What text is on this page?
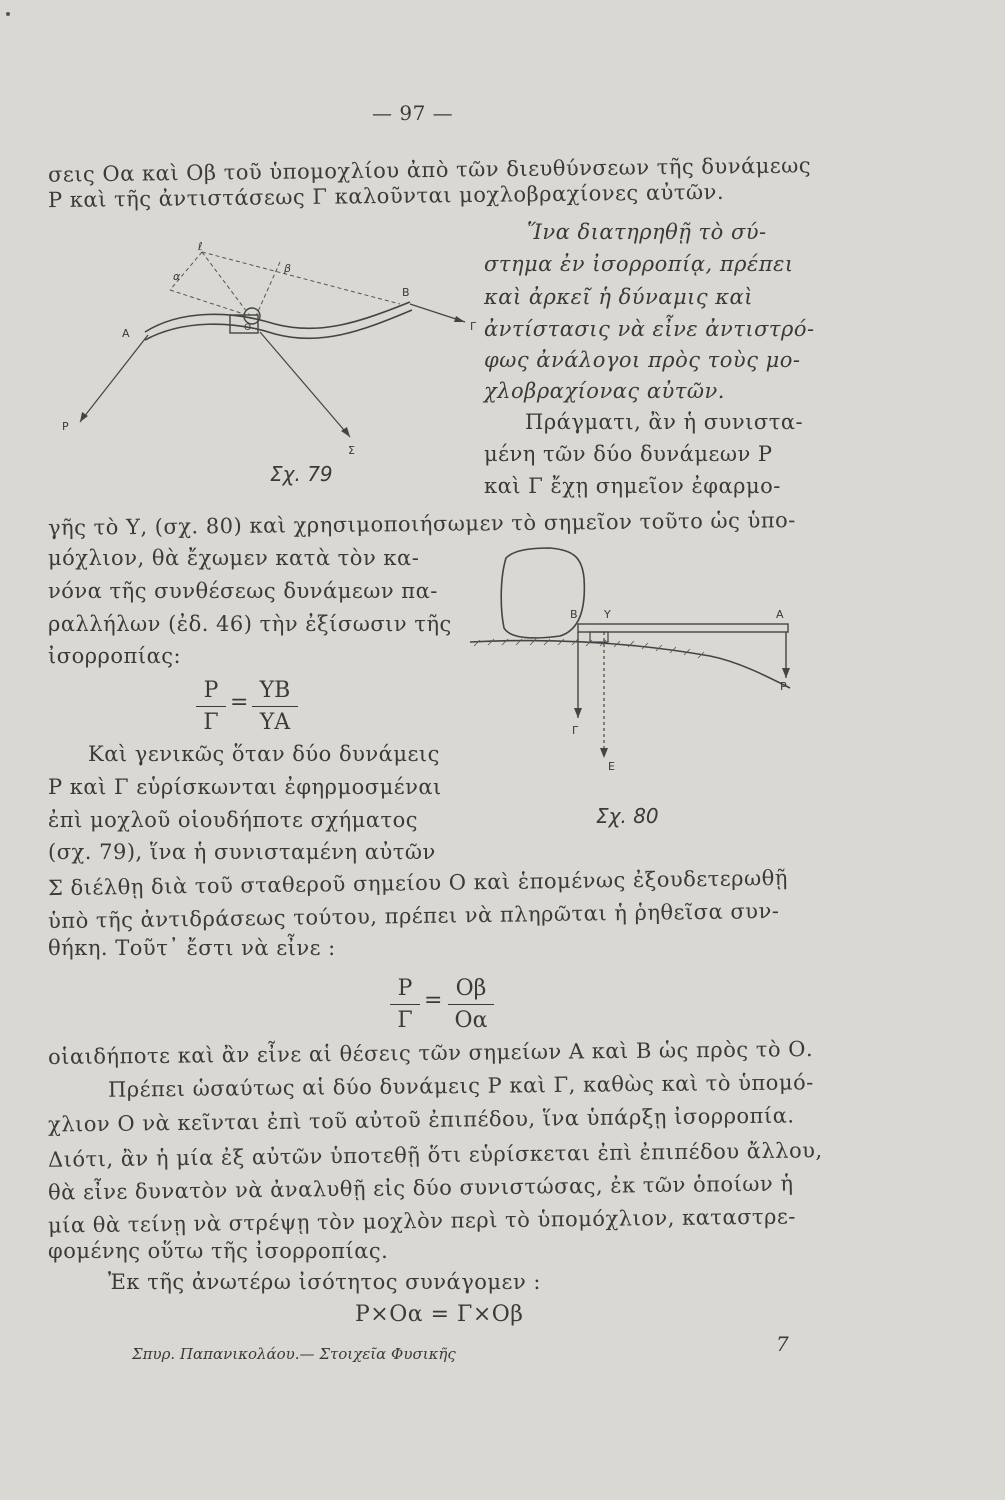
— 97 —
σεις Οα καὶ Οβ τοῦ ὑπομοχλίου ἀπὸ τῶν διευθύνσεων τῆς δυνάμεως
Ρ καὶ τῆς ἀντιστάσεως Γ καλοῦνται μοχλοβραχίονες αὐτῶν.
A
B
P
Γ
Σ
α
β
ℓ
O
Σχ. 79
Ἵνα διατηρηθῇ τὸ σύ-
στημα ἐν ἰσορροπίᾳ, πρέπει
καὶ ἀρκεῖ ἡ δύναμις καὶ
ἀντίστασις νὰ εἶνε ἀντιστρό-
φως ἀνάλογοι πρὸς τοὺς μο-
χλοβραχίονας αὐτῶν.
Πράγματι, ἂν ἡ συνιστα-
μένη τῶν δύο δυνάμεων Ρ
καὶ Γ ἔχῃ σημεῖον ἐφαρμο-
γῆς τὸ Υ, (σχ. 80) καὶ χρησιμοποιήσωμεν τὸ σημεῖον τοῦτο ὡς ὑπο-
μόχλιον, θὰ ἔχωμεν κατὰ τὸν κα-
νόνα τῆς συνθέσεως δυνάμεων πα-
ραλλήλων (ἐδ. 46) τὴν ἐξίσωσιν τῆς
ἰσορροπίας:
Ρ
Γ
= ΥΒ
ΥΑ
Καὶ γενικῶς ὅταν δύο δυνάμεις
Ρ καὶ Γ εὑρίσκωνται ἐφηρμοσμέναι
ἐπὶ μοχλοῦ οἱουδήποτε σχήματος
(σχ. 79), ἵνα ἡ συνισταμένη αὐτῶν
B Y	A
P
Γ
E
Σχ. 80
Σ διέλθῃ διὰ τοῦ σταθεροῦ σημείου Ο καὶ ἑπομένως ἐξουδετερωθῇ
ὑπὸ τῆς ἀντιδράσεως τούτου, πρέπει νὰ πληρῶται ἡ ῥηθεῖσα συν-
θήκη. Τοῦτ᾽ ἔστι νὰ εἶνε :
Ρ
Γ
= Οβ
Οα
οἱαιδήποτε καὶ ἂν εἶνε αἱ θέσεις τῶν σημείων Α καὶ Β ὡς πρὸς τὸ Ο.
Πρέπει ὡσαύτως αἱ δύο δυνάμεις Ρ καὶ Γ, καθὼς καὶ τὸ ὑπομό-
χλιον Ο νὰ κεῖνται ἐπὶ τοῦ αὐτοῦ ἐπιπέδου, ἵνα ὑπάρξῃ ἰσορροπία.
Διότι, ἂν ἡ μία ἐξ αὐτῶν ὑποτεθῇ ὅτι εὑρίσκεται ἐπὶ ἐπιπέδου ἄλλου,
θὰ εἶνε δυνατὸν νὰ ἀναλυθῇ εἰς δύο συνιστώσας, ἐκ τῶν ὁποίων ἡ
μία θὰ τείνῃ νὰ στρέψῃ τὸν μοχλὸν περὶ τὸ ὑπομόχλιον, καταστρε-
φομένης οὕτω τῆς ἰσορροπίας.
Ἐκ τῆς ἀνωτέρω ἰσότητος συνάγομεν :
Ρ×Οα = Γ×Οβ
Σπυρ. Παπανικολάου.— Στοιχεῖα Φυσικῆς	7
